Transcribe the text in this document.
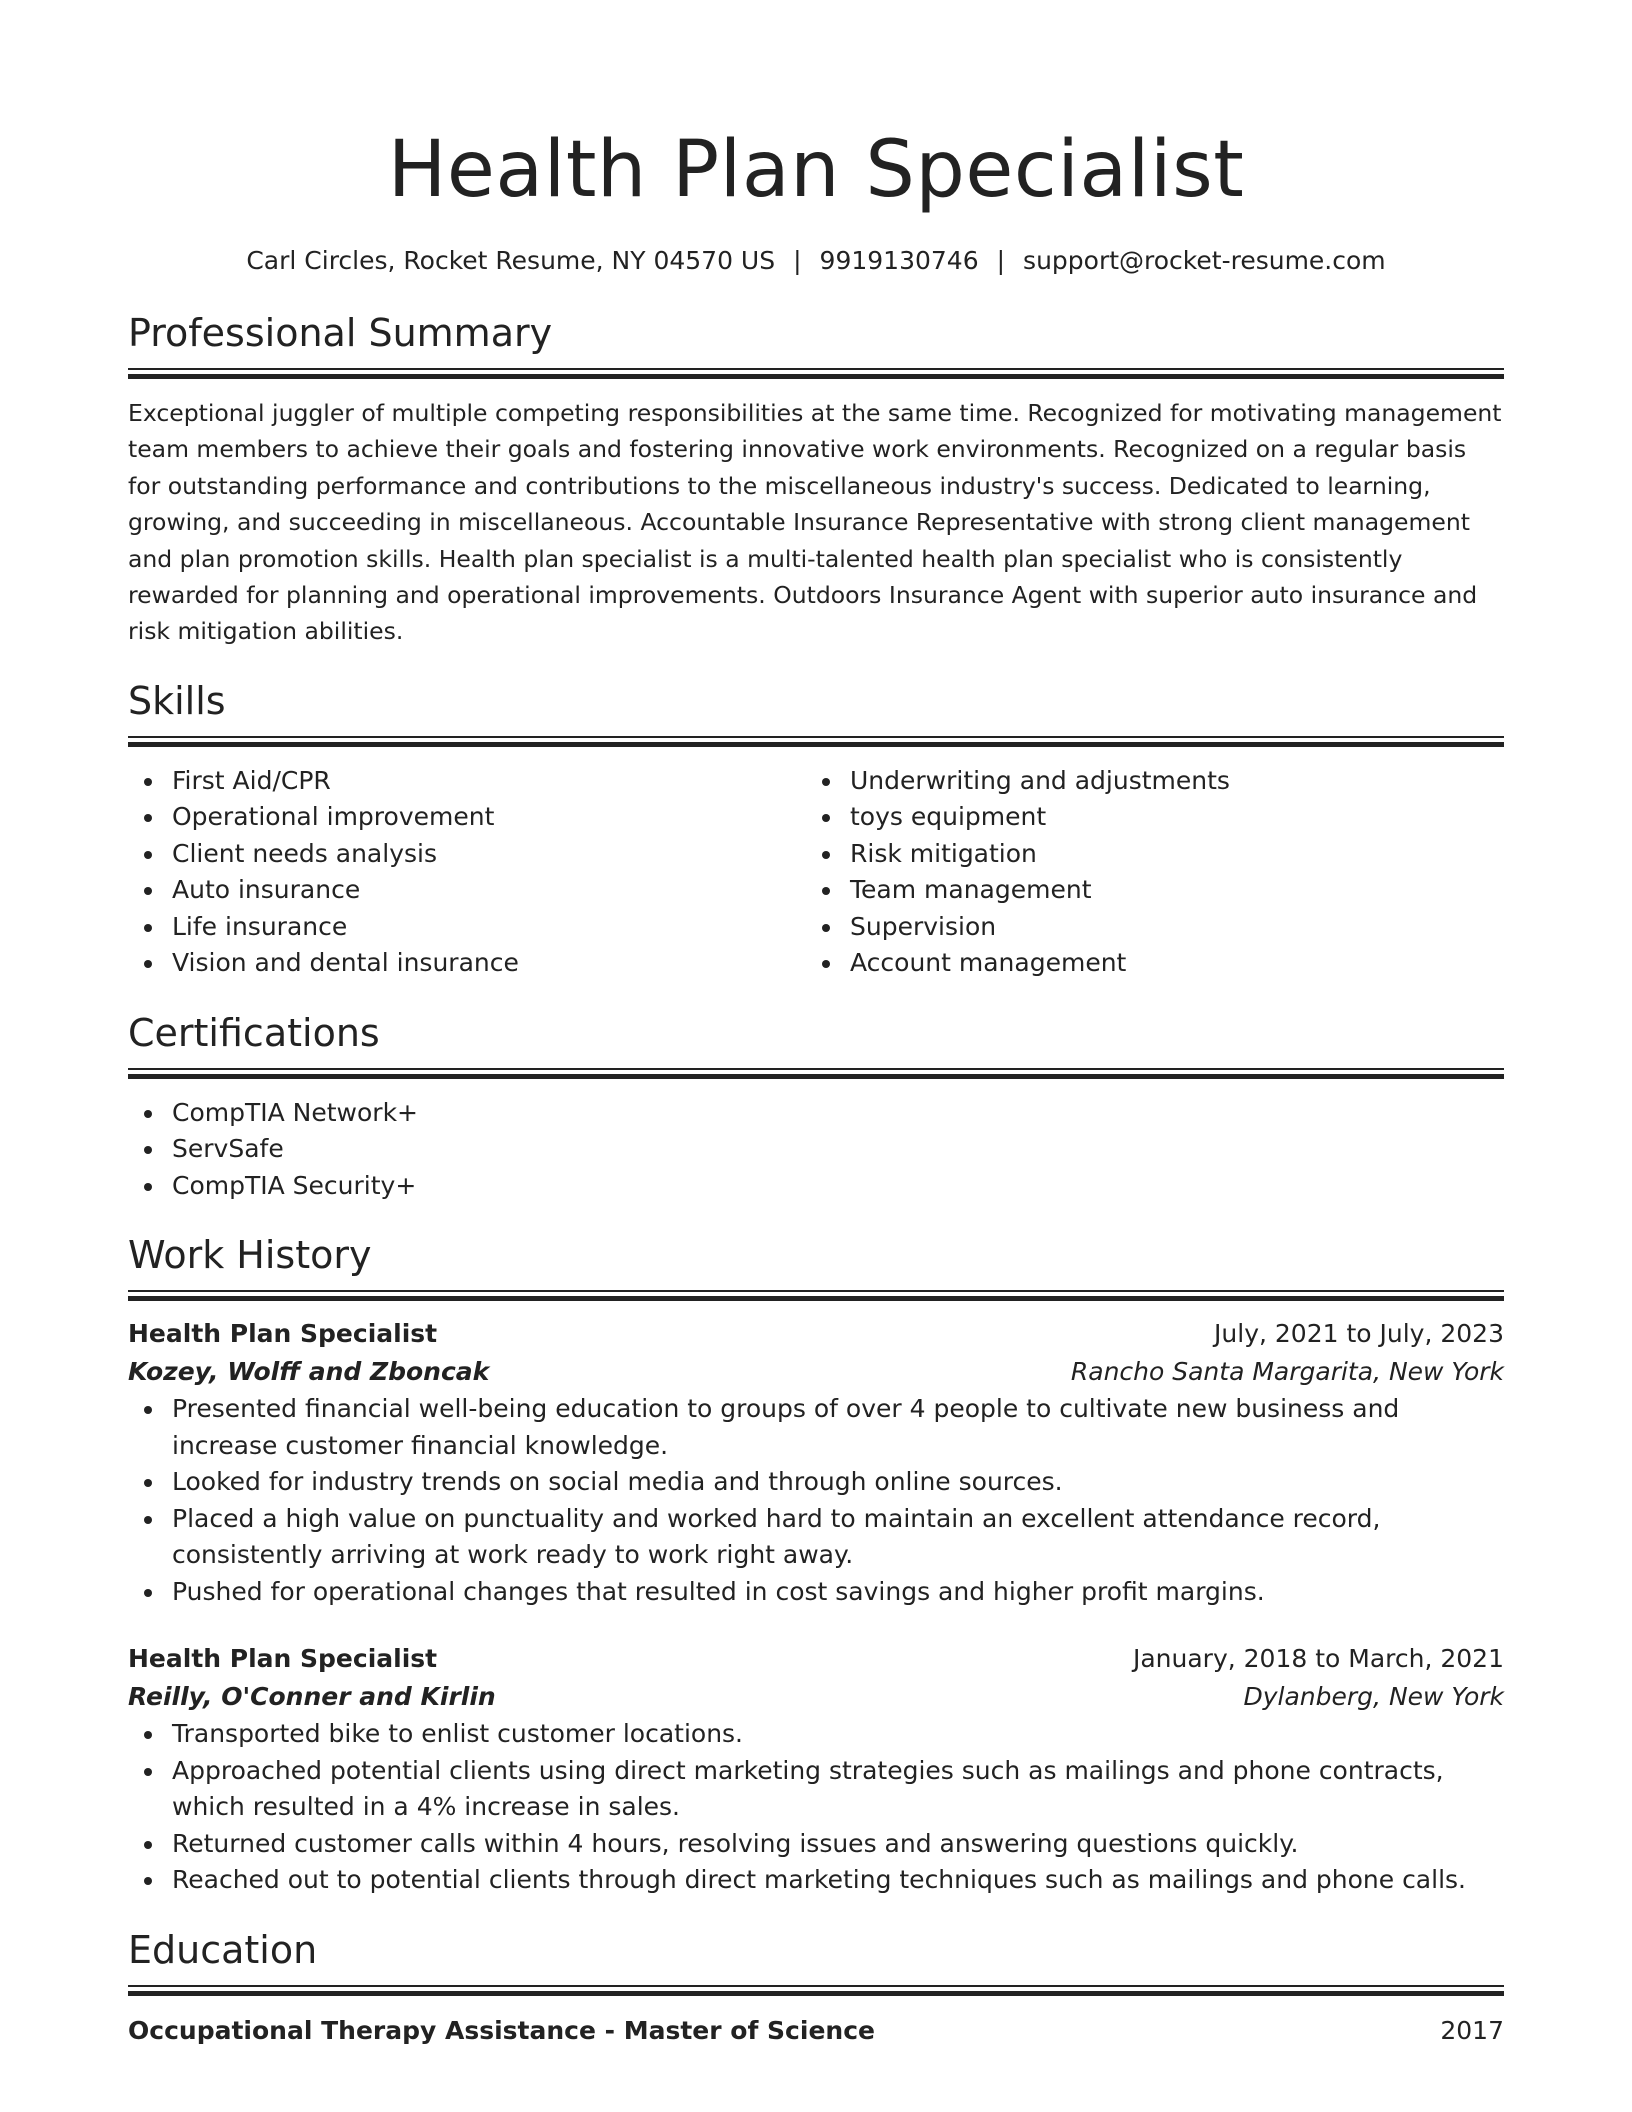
Health Plan Specialist
Carl Circles, Rocket Resume, NY 04570 US | 9919130746 | support@rocket-resume.com
Professional Summary
Exceptional juggler of multiple competing responsibilities at the same time. Recognized for motivating management team members to achieve their goals and fostering innovative work environments. Recognized on a regular basis for outstanding performance and contributions to the miscellaneous industry's success. Dedicated to learning, growing, and succeeding in miscellaneous. Accountable Insurance Representative with strong client management and plan promotion skills. Health plan specialist is a multi-talented health plan specialist who is consistently rewarded for planning and operational improvements. Outdoors Insurance Agent with superior auto insurance and risk mitigation abilities.
Skills
First Aid/CPR
Operational improvement
Client needs analysis
Auto insurance
Life insurance
Vision and dental insurance
Underwriting and adjustments
toys equipment
Risk mitigation
Team management
Supervision
Account management
Certifications
CompTIA Network+
ServSafe
CompTIA Security+
Work History
Health Plan Specialist	July, 2021 to July, 2023
Kozey, Wolff and Zboncak	Rancho Santa Margarita, New York
Presented financial well-being education to groups of over 4 people to cultivate new business and increase customer financial knowledge.
Looked for industry trends on social media and through online sources.
Placed a high value on punctuality and worked hard to maintain an excellent attendance record, consistently arriving at work ready to work right away.
Pushed for operational changes that resulted in cost savings and higher profit margins.
Health Plan Specialist	January, 2018 to March, 2021
Reilly, O'Conner and Kirlin	Dylanberg, New York
Transported bike to enlist customer locations.
Approached potential clients using direct marketing strategies such as mailings and phone contracts, which resulted in a 4% increase in sales.
Returned customer calls within 4 hours, resolving issues and answering questions quickly.
Reached out to potential clients through direct marketing techniques such as mailings and phone calls.
Education
Occupational Therapy Assistance - Master of Science	2017
